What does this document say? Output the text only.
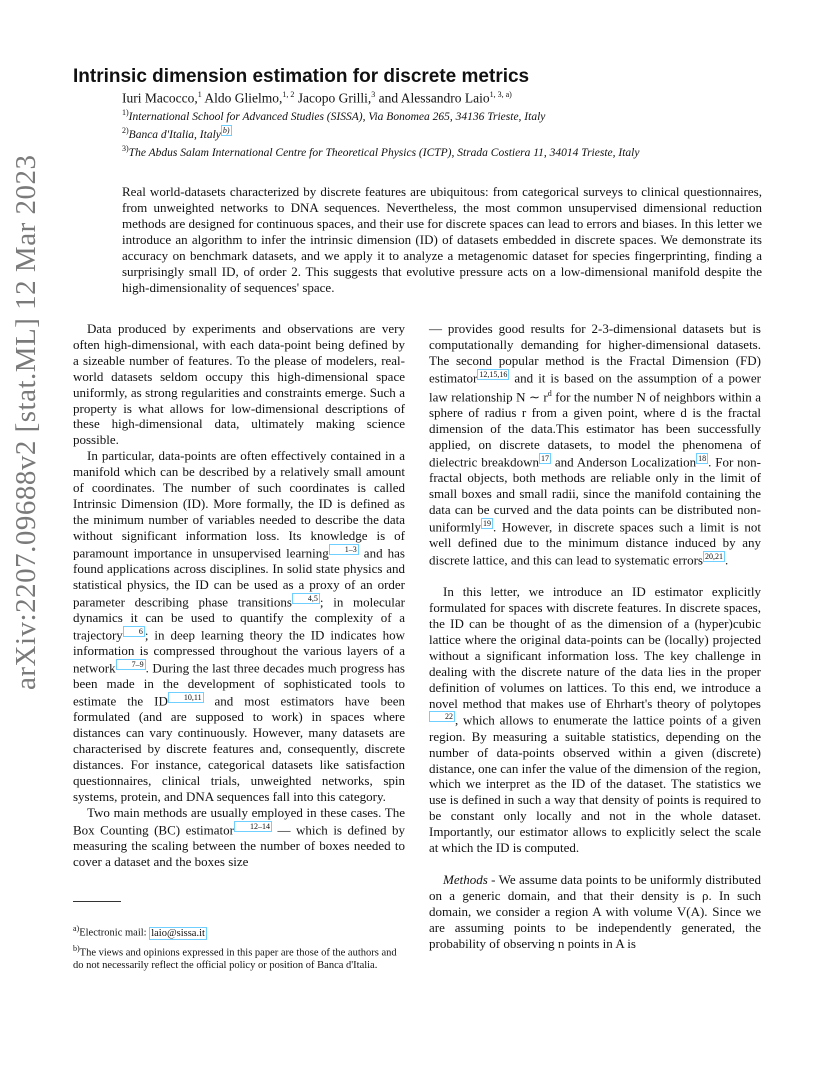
arXiv:2207.09688v2 [stat.ML] 12 Mar 2023
Intrinsic dimension estimation for discrete metrics
Iuri Macocco,$^1$ Aldo Glielmo,$^{1, 2}$ Jacopo Grilli,$^3$ and Alessandro Laio$^{1, 3, a)}$
$^{1)}$International School for Advanced Studies (SISSA), Via Bonomea 265, 34136 Trieste, Italy
$^{2)}$Banca d'Italia, Italy b)
$^{3)}$The Abdus Salam International Centre for Theoretical Physics (ICTP), Strada Costiera 11, 34014 Trieste, Italy
Real world-datasets characterized by discrete features are ubiquitous: from categorical surveys to clinical questionnaires, from unweighted networks to DNA sequences. Nevertheless, the most common unsupervised dimensional reduction methods are designed for continuous spaces, and their use for discrete spaces can lead to errors and biases. In this letter we introduce an algorithm to infer the intrinsic dimension (ID) of datasets embedded in discrete spaces. We demonstrate its accuracy on benchmark datasets, and we apply it to analyze a metagenomic dataset for species fingerprinting, finding a surprisingly small ID, of order 2. This suggests that evolutive pressure acts on a low-dimensional manifold despite the high-dimensionality of sequences' space.

Data produced by experiments and observations are very often high-dimensional, with each data-point being defined by a sizeable number of features. To the please of modelers, real-world datasets seldom occupy this high-dimensional space uniformly, as strong regularities and constraints emerge. Such a property is what allows for low-dimensional descriptions of these high-dimensional data, ultimately making science possible.

In particular, data-points are often effectively contained in a manifold which can be described by a relatively small amount of coordinates. The number of such coordinates is called Intrinsic Dimension (ID). More formally, the ID is defined as the minimum number of variables needed to describe the data without significant information loss. Its knowledge is of paramount importance in unsupervised learning 1–3 and has found applications across disciplines. In solid state physics and statistical physics, the ID can be used as a proxy of an order parameter describing phase transitions 4,5 ; in molecular dynamics it can be used to quantify the complexity of a trajectory 6 ; in deep learning theory the ID indicates how information is compressed throughout the various layers of a network 7–9 . During the last three decades much progress has been made in the development of sophisticated tools to estimate the ID 10,11 and most estimators have been formulated (and are supposed to work) in spaces where distances can vary continuously. However, many datasets are characterised by discrete features and, consequently, discrete distances. For instance, categorical datasets like satisfaction questionnaires, clinical trials, unweighted networks, spin systems, protein, and DNA sequences fall into this category.

Two main methods are usually employed in these cases. The Box Counting (BC) estimator 12–14 — which is defined by measuring the scaling between the number of boxes needed to cover a dataset and the boxes size

— provides good results for 2-3-dimensional datasets but is computationally demanding for higher-dimensional datasets. The second popular method is the Fractal Dimension (FD) estimator 12,15,16 and it is based on the assumption of a power law relationship N ∼ $r^d$ for the number N of neighbors within a sphere of radius r from a given point, where d is the fractal dimension of the data.This estimator has been successfully applied, on discrete datasets, to model the phenomena of dielectric breakdown 17 and Anderson Localization 18 . For non-fractal objects, both methods are reliable only in the limit of small boxes and small radii, since the manifold containing the data can be curved and the data points can be distributed non-uniformly 19 . However, in discrete spaces such a limit is not well defined due to the minimum distance induced by any discrete lattice, and this can lead to systematic errors 20,21 .

In this letter, we introduce an ID estimator explicitly formulated for spaces with discrete features. In discrete spaces, the ID can be thought of as the dimension of a (hyper)cubic lattice where the original data-points can be (locally) projected without a significant information loss. The key challenge in dealing with the discrete nature of the data lies in the proper definition of volumes on lattices. To this end, we introduce a novel method that makes use of Ehrhart's theory of polytopes22 , which allows to enumerate the lattice points of a given region. By measuring a suitable statistics, depending on the number of data-points observed within a given (discrete) distance, one can infer the value of the dimension of the region, which we interpret as the ID of the dataset. The statistics we use is defined in such a way that density of points is required to be constant only locally and not in the whole dataset. Importantly, our estimator allows to explicitly select the scale at which the ID is computed.

Methods - We assume data points to be uniformly distributed on a generic domain, and that their density is ρ. In such domain, we consider a region A with volume V(A). Since we are assuming points to be independently generated, the probability of observing n points in A is

$^{a)}$Electronic mail: laio@sissa.it

$^{b)}$The views and opinions expressed in this paper are those of the authors and do not necessarily reflect the official policy or position of Banca d'Italia.
